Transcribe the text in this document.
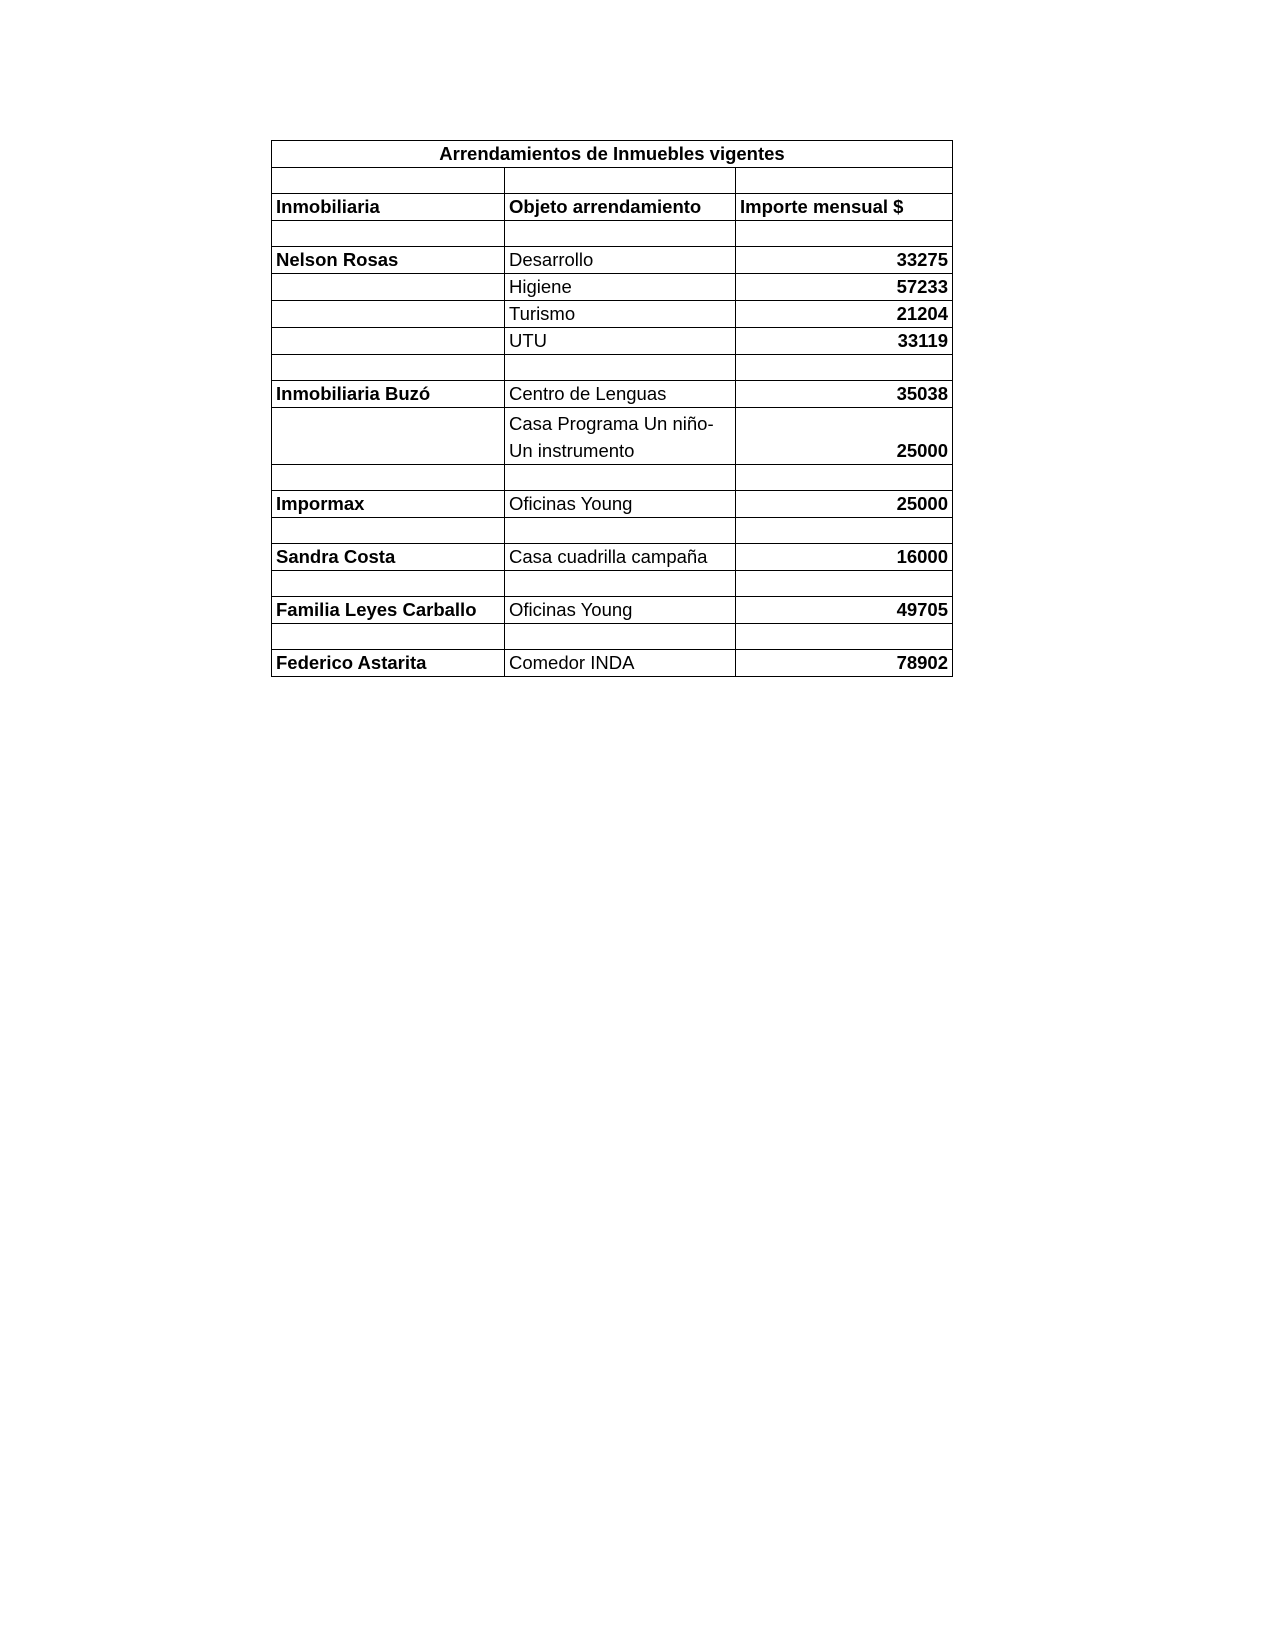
Arrendamientos de Inmuebles vigentes		

Inmobiliaria	Objeto arrendamiento	Importe mensual $

Nelson Rosas	Desarrollo	33275
	Higiene	57233
	Turismo	21204
	UTU	33119

Inmobiliaria Buzó	Centro de Lenguas	35038
	Casa Programa Un niño- Un instrumento	25000

Impormax	Oficinas Young	25000

Sandra Costa	Casa cuadrilla campaña	16000

Familia Leyes Carballo	Oficinas Young	49705

Federico Astarita	Comedor INDA	78902
